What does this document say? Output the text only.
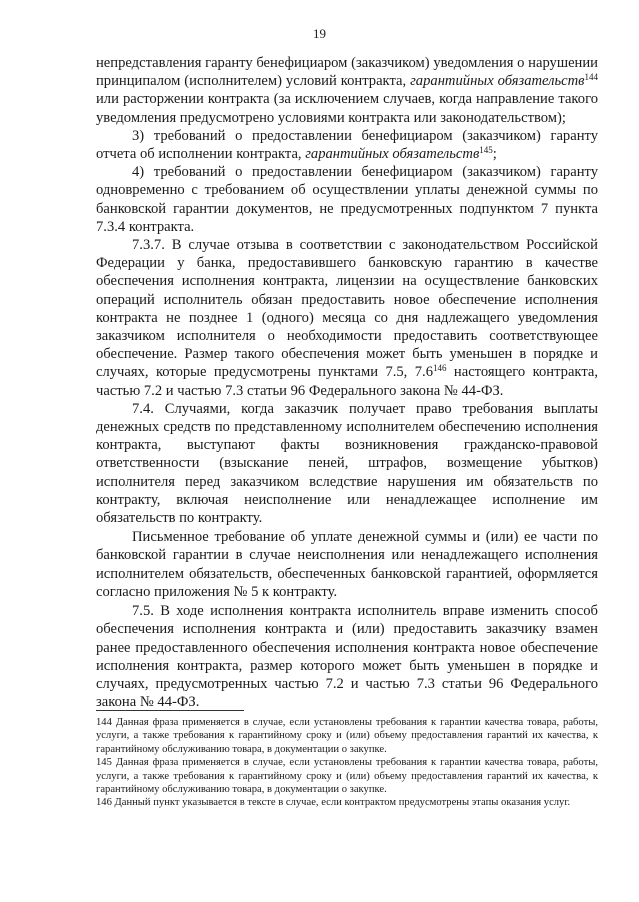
19

непредставления гаранту бенефициаром (заказчиком) уведомления о нарушении принципалом (исполнителем) условий контракта, гарантийных обязательств$^{144}$ или расторжении контракта (за исключением случаев, когда направление такого уведомления предусмотрено условиями контракта или законодательством);

3) требований о предоставлении бенефициаром (заказчиком) гаранту отчета об исполнении контракта, гарантийных обязательств$^{145}$;

4) требований о предоставлении бенефициаром (заказчиком) гаранту одновременно с требованием об осуществлении уплаты денежной суммы по банковской гарантии документов, не предусмотренных подпунктом 7 пункта 7.3.4 контракта.

7.3.7. В случае отзыва в соответствии с законодательством Российской Федерации у банка, предоставившего банковскую гарантию в качестве обеспечения исполнения контракта, лицензии на осуществление банковских операций исполнитель обязан предоставить новое обеспечение исполнения контракта не позднее 1 (одного) месяца со дня надлежащего уведомления заказчиком исполнителя о необходимости предоставить соответствующее обеспечение. Размер такого обеспечения может быть уменьшен в порядке и случаях, которые предусмотрены пунктами 7.5, $7.6^{146}$ настоящего контракта, частью 7.2 и частью 7.3 статьи 96 Федерального закона № 44-ФЗ.

7.4. Случаями, когда заказчик получает право требования выплаты денежных средств по представленному исполнителем обеспечению исполнения контракта, выступают факты возникновения гражданско-правовой ответственности (взыскание пеней, штрафов, возмещение убытков) исполнителя перед заказчиком вследствие нарушения им обязательств по контракту, включая неисполнение или ненадлежащее исполнение им обязательств по контракту.

Письменное требование об уплате денежной суммы и (или) ее части по банковской гарантии в случае неисполнения или ненадлежащего исполнения исполнителем обязательств, обеспеченных банковской гарантией, оформляется согласно приложения № 5 к контракту.

7.5. В ходе исполнения контракта исполнитель вправе изменить способ обеспечения исполнения контракта и (или) предоставить заказчику взамен ранее предоставленного обеспечения исполнения контракта новое обеспечение исполнения контракта, размер которого может быть уменьшен в порядке и случаях, предусмотренных частью 7.2 и частью 7.3 статьи 96 Федерального закона № 44-ФЗ.

144 Данная фраза применяется в случае, если установлены требования к гарантии качества товара, работы, услуги, а также требования к гарантийному сроку и (или) объему предоставления гарантий их качества, к гарантийному обслуживанию товара, в документации о закупке.

145 Данная фраза применяется в случае, если установлены требования к гарантии качества товара, работы, услуги, а также требования к гарантийному сроку и (или) объему предоставления гарантий их качества, к гарантийному обслуживанию товара, в документации о закупке.

146 Данный пункт указывается в тексте в случае, если контрактом предусмотрены этапы оказания услуг.
